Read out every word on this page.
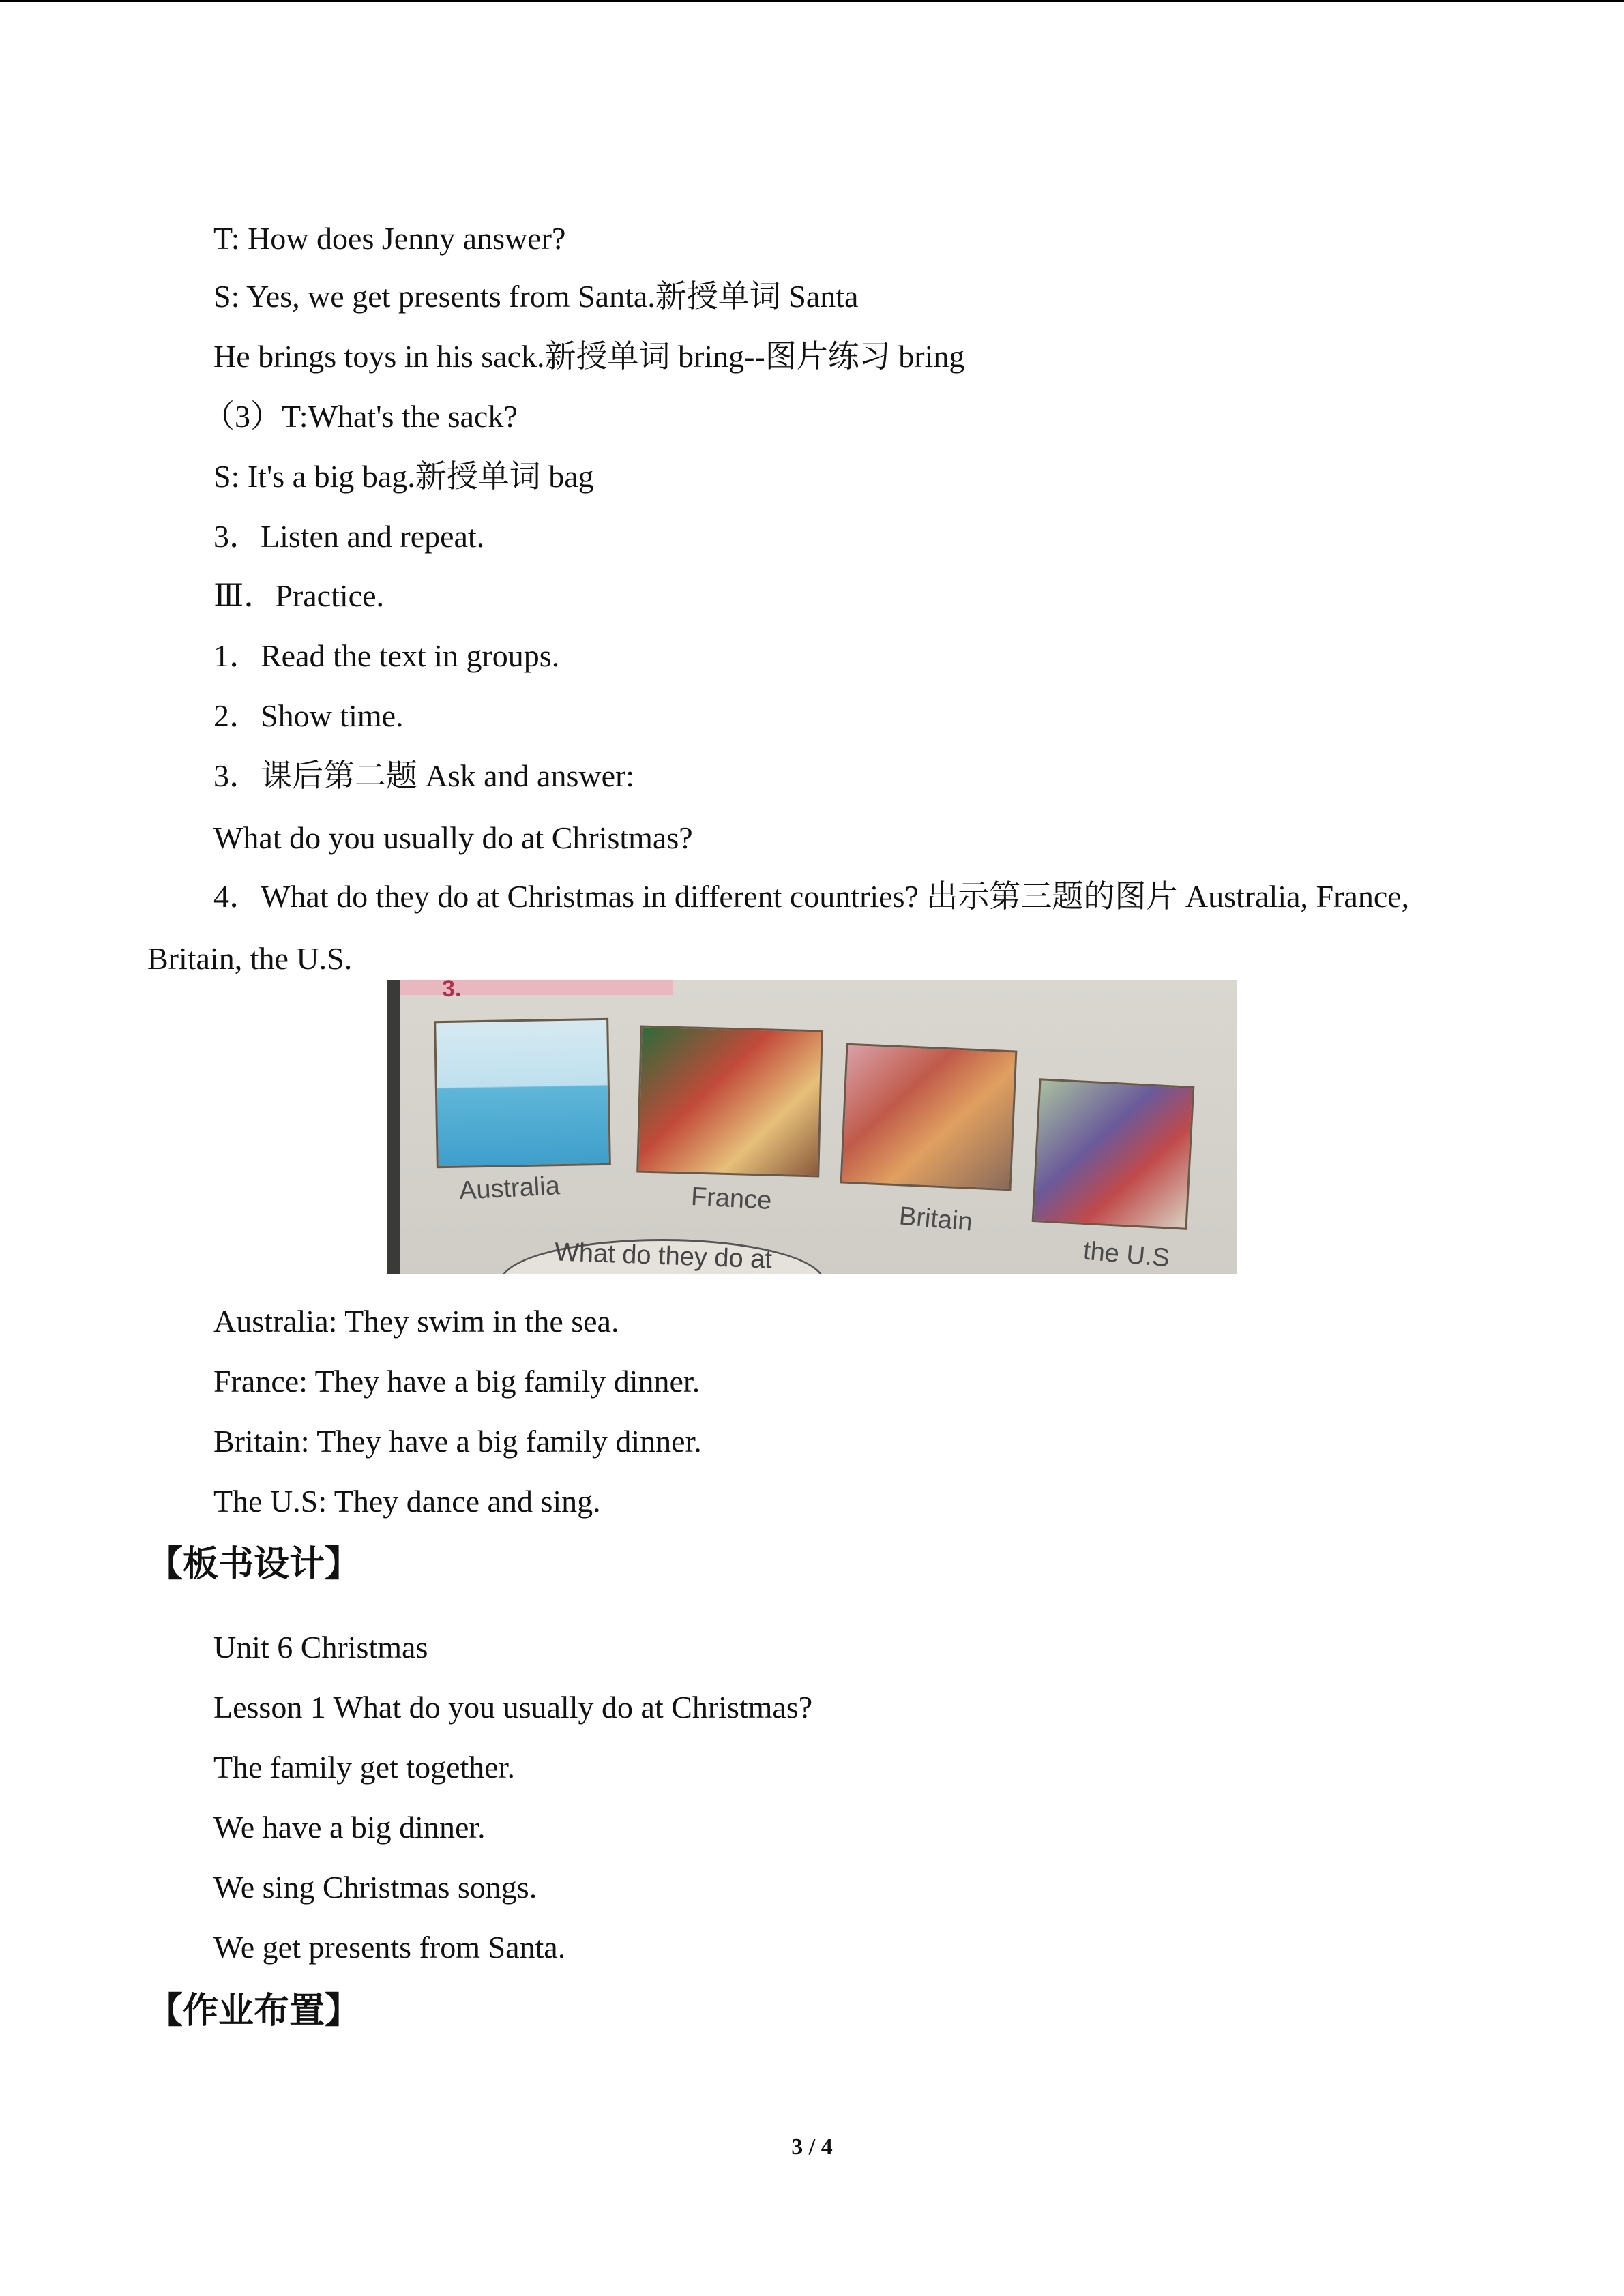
T: How does Jenny answer?
S: Yes, we get presents from Santa.新授单词 Santa
He brings toys in his sack.新授单词 bring--图片练习 bring
（3）T:What's the sack?
S: It's a big bag.新授单词 bag
3．Listen and repeat.
Ⅲ．Practice.
1．Read the text in groups.
2．Show time.
3．课后第二题 Ask and answer:
What do you usually do at Christmas?
4．What do they do at Christmas in different countries? 出示第三题的图片 Australia, France,
Britain, the U.S.
Australia	France
Britain
the U.S
What do they do at
3.
Australia: They swim in the sea.
France: They have a big family dinner.
Britain: They have a big family dinner.
The U.S: They dance and sing.
【板书设计】
Unit 6 Christmas
Lesson 1 What do you usually do at Christmas?
The family get together.
We have a big dinner.
We sing Christmas songs.
We get presents from Santa.
【作业布置】
3 / 4
